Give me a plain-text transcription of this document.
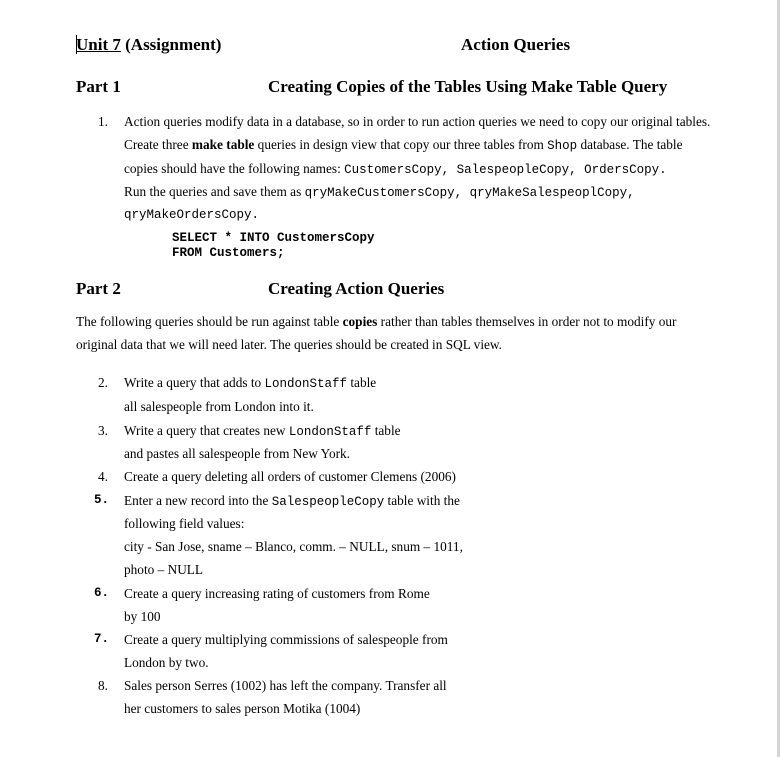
Unit 7 (Assignment)	Action Queries
Part 1	Creating Copies of the Tables Using Make Table Query
1. Action queries modify data in a database, so in order to run action queries we need to copy our original tables.
Create three make table queries in design view that copy our three tables from Shop database. The table
copies should have the following names: CustomersCopy, SalespeopleCopy, OrdersCopy.
Run the queries and save them as qryMakeCustomersCopy, qryMakeSalespeoplCopy,
qryMakeOrdersCopy.
SELECT * INTO CustomersCopy
FROM Customers;
Part 2	Creating Action Queries
The following queries should be run against table copies rather than tables themselves in order not to modify our
original data that we will need later. The queries should be created in SQL view.
2. Write a query that adds to LondonStaff table
all salespeople from London into it.
3. Write a query that creates new LondonStaff table
and pastes all salespeople from New York.
4. Create a query deleting all orders of customer Clemens (2006)
5. Enter a new record into the SalespeopleCopy table with the
following field values:
city - San Jose, sname – Blanco, comm. – NULL, snum – 1011,
photo – NULL
6. Create a query increasing rating of customers from Rome
by 100
7. Create a query multiplying commissions of salespeople from
London by two.
8. Sales person Serres (1002) has left the company. Transfer all
her customers to sales person Motika (1004)
